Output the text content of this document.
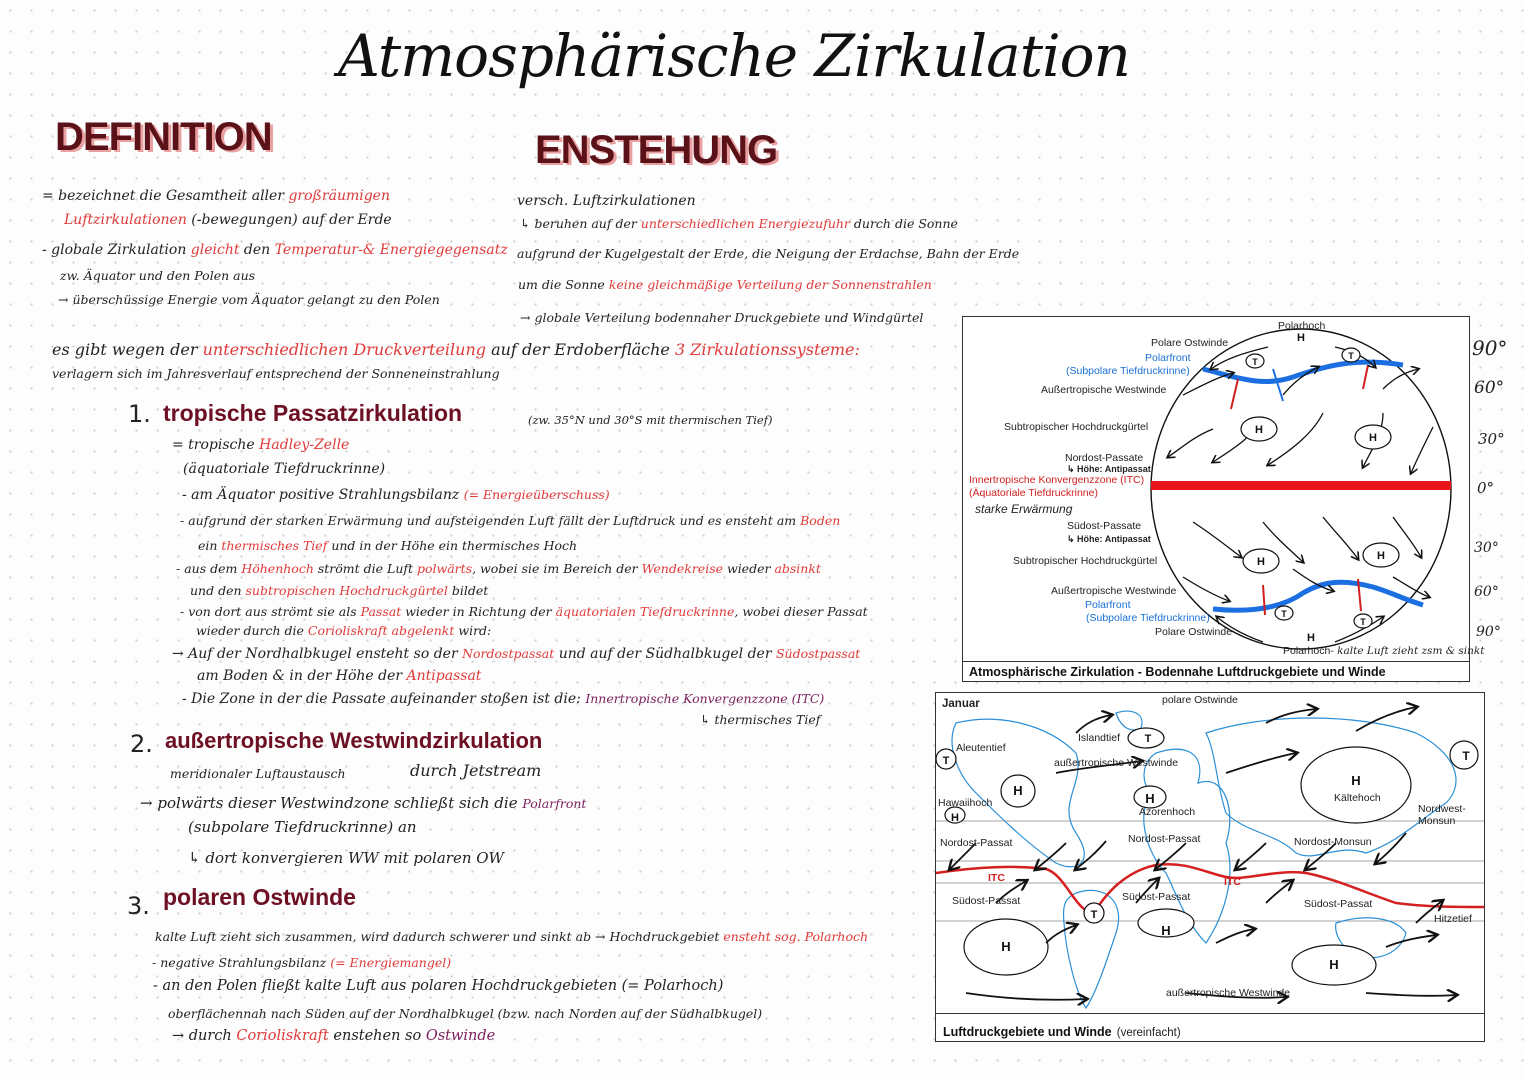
Atmosphärische Zirkulation
DEFINITION
= bezeichnet die Gesamtheit aller großräumigen
Luftzirkulationen (-bewegungen) auf der Erde
- globale Zirkulation gleicht den Temperatur-& Energiegegensatz
zw. Äquator und den Polen aus
→ überschüssige Energie vom Äquator gelangt zu den Polen
ENSTEHUNG
versch. Luftzirkulationen
↳ beruhen auf der unterschiedlichen Energiezufuhr durch die Sonne
aufgrund der Kugelgestalt der Erde, die Neigung der Erdachse, Bahn der Erde
um die Sonne keine gleichmäßige Verteilung der Sonnenstrahlen
→ globale Verteilung bodennaher Druckgebiete und Windgürtel
es gibt wegen der unterschiedlichen Druckverteilung auf der Erdoberfläche 3 Zirkulationssysteme:
verlagern sich im Jahresverlauf entsprechend der Sonneneinstrahlung
1. tropische Passatzirkulation	(zw. 35°N und 30°S mit thermischen Tief)
= tropische Hadley-Zelle
(äquatoriale Tiefdruckrinne)
- am Äquator positive Strahlungsbilanz (= Energieüberschuss)
- aufgrund der starken Erwärmung und aufsteigenden Luft fällt der Luftdruck und es ensteht am Boden
ein thermisches Tief und in der Höhe ein thermisches Hoch
- aus dem Höhenhoch strömt die Luft polwärts, wobei sie im Bereich der Wendekreise wieder absinkt
und den subtropischen Hochdruckgürtel bildet
- von dort aus strömt sie als Passat wieder in Richtung der äquatorialen Tiefdruckrinne, wobei dieser Passat
wieder durch die Corioliskraft abgelenkt wird:
→ Auf der Nordhalbkugel ensteht so der Nordostpassat und auf der Südhalbkugel der Südostpassat
am Boden & in der Höhe der Antipassat
- Die Zone in der die Passate aufeinander stoßen ist die: Innertropische Konvergenzzone (ITC)
↳ thermisches Tief
2. außertropische Westwindzirkulation
meridionaler Luftaustausch	durch Jetstream
→ polwärts dieser Westwindzone schließt sich die Polarfront
(subpolare Tiefdruckrinne) an
↳ dort konvergieren WW mit polaren OW
3. polaren Ostwinde
kalte Luft zieht sich zusammen, wird dadurch schwerer und sinkt ab → Hochdruckgebiet ensteht sog. Polarhoch
- negative Strahlungsbilanz (= Energiemangel)
- an den Polen fließt kalte Luft aus polaren Hochdruckgebieten (= Polarhoch)
oberflächennah nach Süden auf der Nordhalbkugel (bzw. nach Norden auf der Südhalbkugel)
→ durch Corioliskraft enstehen so Ostwinde
H
H
H	H
H
H
T
T
T
T
Polarhoch
Polare Ostwinde
Polarfront
(Subpolare Tiefdruckrinne)
Außertropische Westwinde
Subtropischer Hochdruckgürtel
Nordost-Passate
↳ Höhe: Antipassat
Innertropische Konvergenzzone (ITC)
(Äquatoriale Tiefdruckrinne)
starke Erwärmung
Südost-Passate
↳ Höhe: Antipassat
Subtropischer Hochdruckgürtel
Außertropische Westwinde
Polarfront
(Subpolare Tiefdruckrinne)
Polare Ostwinde
Polarhoch- kalte Luft zieht zsm & sinkt
Atmosphärische Zirkulation - Bodennahe Luftdruckgebiete und Winde
90°
60°
30°
0°
30°
60°
90°
H
H
H
H
H
H
H
T
T	T
T
Januar	polare Ostwinde
Islandtief
Aleutentief
außertropische Westwinde
Hawaiihoch
Azorenhoch
Kältehoch
Nordwest-Monsun
Nordost-Passat	Nordost-Passat	Nordost-Monsun
ITC	ITC
Südost-Passat	Südost-Passat
Südost-Passat
Hitzetief
außertropische Westwinde
Luftdruckgebiete und Winde (vereinfacht)
